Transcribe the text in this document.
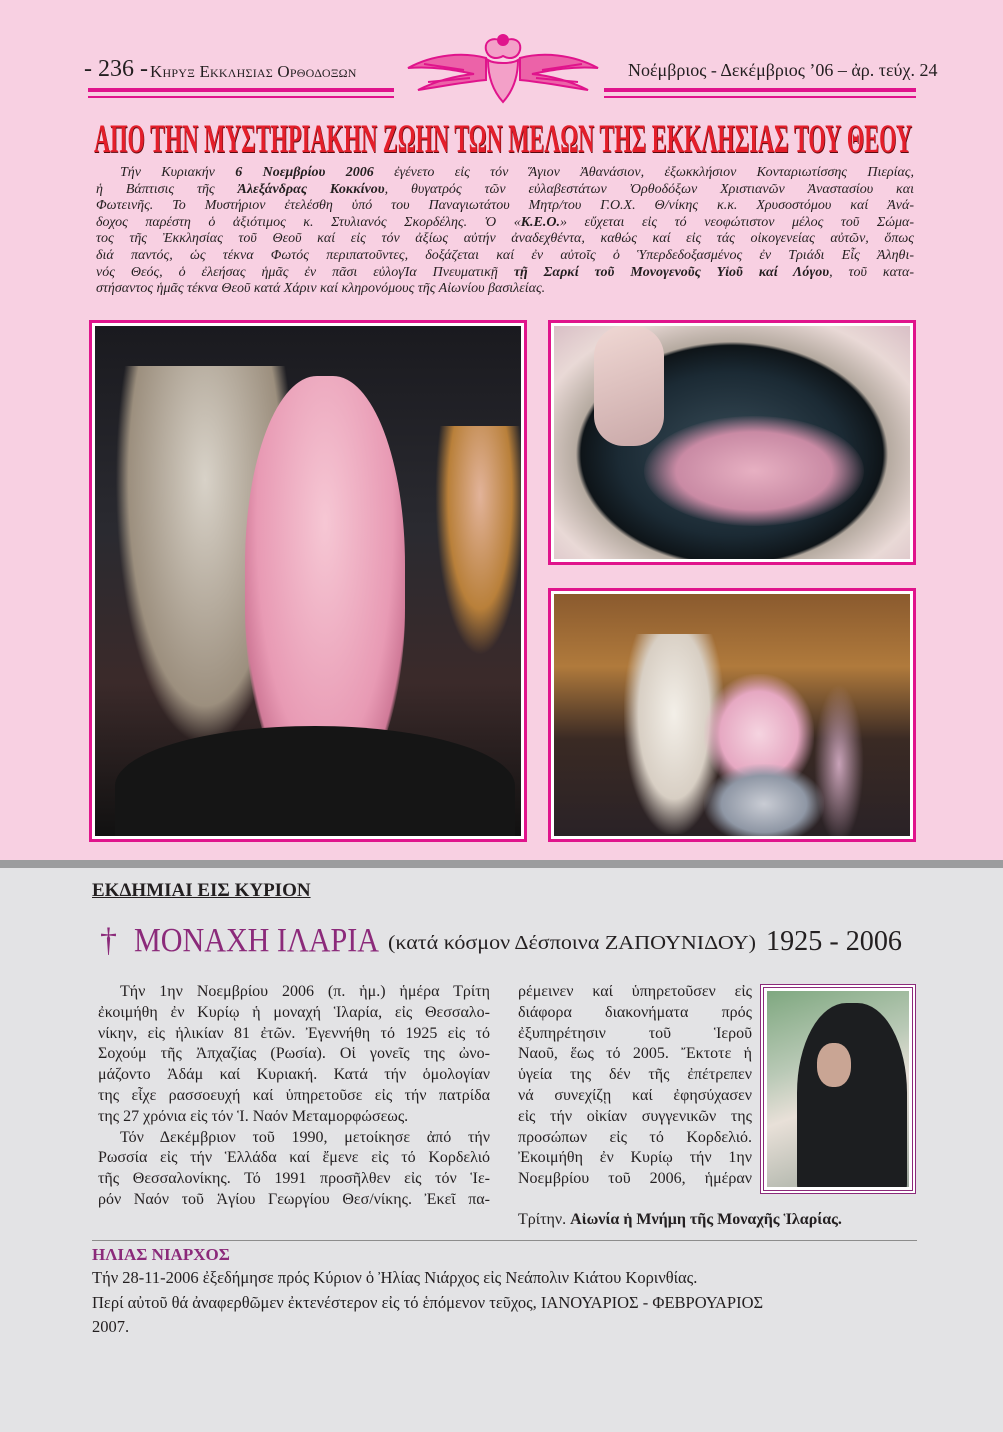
- 236 - Κηρυξ Εκκλησιας Ορθοδοξων	Νοέμβριος - Δεκέμβριος ’06 – ἀρ. τεύχ. 24
ΑΠΟ ΤΗΝ ΜΥΣΤΗΡΙΑΚΗΝ ΖΩΗΝ ΤΩΝ ΜΕΛΩΝ ΤΗΣ ΕΚΚΛΗΣΙΑΣ ΤΟΥ ΘΕΟΥ
Τήν Κυριακήν 6 Νοεμβρίου 2006 ἐγένετο εἰς τόν Ἅγιον Ἀθανάσιον, ἐξωκκλήσιον Κονταριωτίσσης Πιερίας,
ἡ Βάπτισις τῆς Ἀλεξάνδρας Κοκκίνου, θυγατρός τῶν εὐλαβεστάτων Ὀρθοδόξων Χριστιανῶν Ἀναστασίου και
Φωτεινῆς. Το Μυστήριον ἐτελέσθη ὑπό του Παναγιωτάτου Μητρ/του Γ.Ο.Χ. Θ/νίκης κ.κ. Χρυσοστόμου καί Ἀνά-
δοχος παρέστη ὁ ἀξιότιμος κ. Στυλιανός Σκορδέλης. Ὁ «Κ.Ε.Ο.» εὔχεται εἰς τό νεοφώτιστον μέλος τοῦ Σώμα-
τος τῆς Ἐκκλησίας τοῦ Θεοῦ καί εἰς τόν ἀξίως αὐτήν ἀναδεχθέντα, καθώς καί εἰς τάς οἰκογενείας αὐτῶν, ὅπως
διά παντός, ὡς τέκνα Φωτός περιπατοῦντες, δοξάζεται καί ἐν αὐτοῖς ὁ Ὑπερδεδοξασμένος ἐν Τριάδι Εἷς Ἀληθι-
νός Θεός, ὁ ἐλεήσας ἡμᾶς ἐν πᾶσι εὐλογΊα Πνευματικῇ τῇ Σαρκί τοῦ Μονογενοῦς Υἱοῦ καί Λόγου, τοῦ κατα-
στήσαντος ἡμᾶς τέκνα Θεοῦ κατά Χάριν καί κληρονόμους τῆς Αἰωνίου βασιλείας.
ΕΚΔΗΜΙΑΙ ΕΙΣ ΚΥΡΙΟΝ
† ΜΟΝΑΧΗ ΙΛΑΡΙΑ (κατά κόσμον Δέσποινα ΖΑΠΟΥΝΙΔΟΥ) 1925 - 2006
Τήν 1ην Νοεμβρίου 2006 (π. ἡμ.) ἡμέρα Τρίτη
ἐκοιμήθη ἐν Κυρίῳ ἡ μοναχή Ἱλαρία, εἰς Θεσσαλο-
νίκην, εἰς ἡλικίαν 81 ἐτῶν. Ἐγεννήθη τό 1925 εἰς τό
Σοχούμ τῆς Ἀπχαζίας (Ρωσία). Οἱ γονεῖς της ὠνο-
μάζοντο Ἀδάμ καί Κυριακή. Κατά τήν ὁμολογίαν
της εἶχε ρασσοευχή καί ὑπηρετοῦσε εἰς τήν πατρίδα
της 27 χρόνια εἰς τόν Ἱ. Ναόν Μεταμορφώσεως.
Τόν Δεκέμβριον τοῦ 1990, μετοίκησε ἀπό τήν
Ρωσσία εἰς τήν Ἑλλάδα καί ἔμενε εἰς τό Κορδελιό
τῆς Θεσσαλονίκης. Τό 1991 προσῆλθεν εἰς τόν Ἱε-
ρόν Ναόν τοῦ Ἁγίου Γεωργίου Θεσ/νίκης. Ἐκεῖ πα-
ρέμεινεν καί ὑπηρετοῦσεν εἰς
διάφορα διακονήματα πρός
ἐξυπηρέτησιν τοῦ Ἱεροῦ
Ναοῦ, ἕως τό 2005. Ἔκτοτε ἡ
ὑγεία της δέν τῆς ἐπέτρεπεν
νά συνεχίζῃ καί ἐφησύχασεν
εἰς τήν οἰκίαν συγγενικῶν της
προσώπων εἰς τό Κορδελιό.
Ἐκοιμήθη ἐν Κυρίῳ τήν 1ην
Νοεμβρίου τοῦ 2006, ἡμέραν
Τρίτην. Αἰωνία ἡ Μνήμη τῆς Μοναχῆς Ἱλαρίας.
ΗΛΙΑΣ ΝΙΑΡΧΟΣ
Τήν 28-11-2006 ἐξεδήμησε πρός Κύριον ὁ Ἠλίας Νιάρχος εἰς Νεάπολιν Κιάτου Κορινθίας.
Περί αὐτοῦ θά ἀναφερθῶμεν ἐκτενέστερον εἰς τό ἑπόμενον τεῦχος, ΙΑΝΟΥΑΡΙΟΣ - ΦΕΒΡΟΥΑΡΙΟΣ
2007.
